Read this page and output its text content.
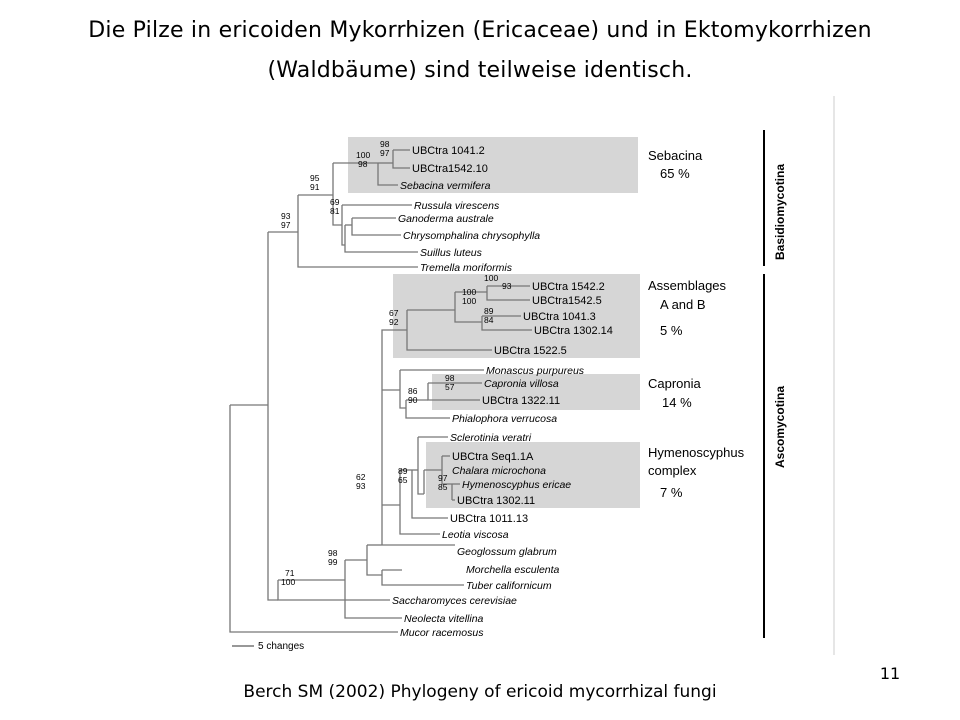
Die Pilze in ericoiden Mykorrhizen (Ericaceae) und in Ektomykorrhizen
(Waldbäume) sind teilweise identisch.
UBCtra 1041.2
UBCtra1542.10
Sebacina vermifera
Russula virescens
Ganoderma australe
Chrysomphalina chrysophylla
Suillus luteus
Tremella moriformis
UBCtra 1542.2
UBCtra1542.5
UBCtra 1041.3
UBCtra 1302.14
UBCtra 1522.5
Monascus purpureus
Capronia villosa
UBCtra 1322.11
Phialophora verrucosa
Sclerotinia veratri
UBCtra Seq1.1A
Chalara microchona
Hymenoscyphus ericae
UBCtra 1302.11
UBCtra 1011.13
Leotia viscosa
Geoglossum glabrum
Morchella esculenta
Tuber californicum
Saccharomyces cerevisiae
Neolecta vitellina
Mucor racemosus
98
97
100
98
95
91
93
97
69
81
100
93
100
100
89
84
67
92
98
57
86
90
97
85
89
65
62
93
98
99
71
100
Sebacina
65 %
Assemblages
A and B
5 %
Capronia
14 %
Hymenoscyphus
complex
7 %
Basidiomycotina
Ascomycotina
5 changes
11
Berch SM (2002) Phylogeny of ericoid mycorrhizal fungi
